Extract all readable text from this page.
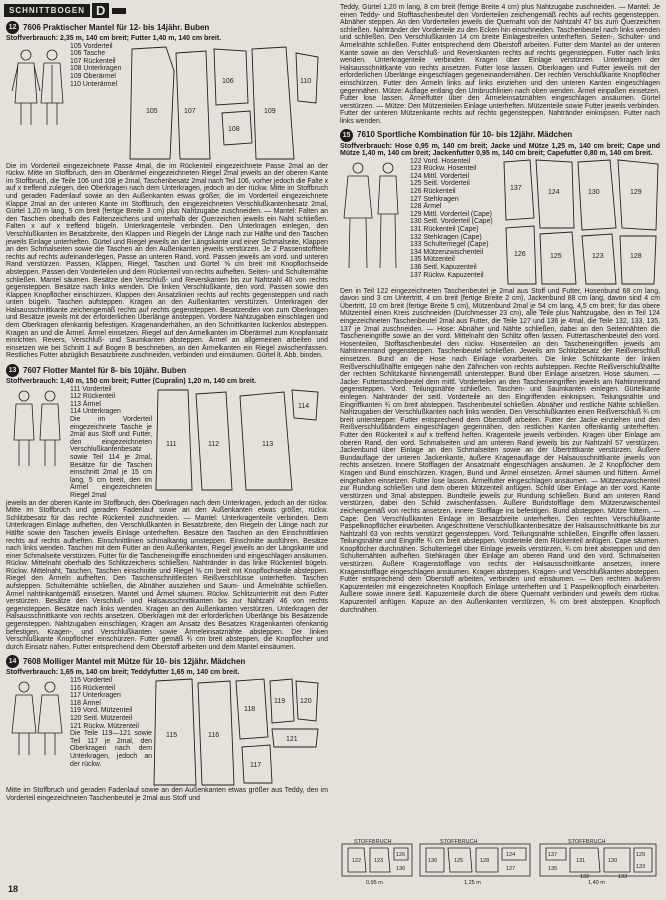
SCHNITTBOGEN D
12 7606 Praktischer Mantel für 12- bis 14jähr. Buben

Stoffverbrauch: 2,35 m, 140 cm breit; Futter 1,40 m, 140 cm breit.

105 Vorderteil
106 Tasche
107 Rückenteil
108 Unterkragen
109 Oberärmel
110 Unterärmel
105
106
107
108
109
110

Die im Vorderteil eingezeichnete Passe 4mal, die im Rückenteil eingezeichnete Passe 2mal an der rückw. Mitte im Stoffbruch, den im Oberärmel eingezeichneten Riegel 2mal jeweils an der oberen Kante im Stoffbruch, die Teile 106 und 108 je 2mal, Taschenbesatz 2mal nach Teil 106, vorher jedoch die Falte x auf x treffend zulegen, den Oberkragen nach dem Unterkragen, jedoch an der rückw. Mitte im Stoffbruch und geraden Fadenlauf sowie an den Außenkanten etwas größer, die im Vorderteil eingezeichnete Klappe 2mal an der unteren Kante im Stoffbruch, den eingezeichneten Verschlußkantenbesatz 2mal, Gürtel 1,20 m lang, 5 cm breit (fertige Breite 3 cm) plus Nahtzugabe zuschneiden. — Mantel: Falten an den Taschen oberhalb des Faltenzeichens und unterhalb der Querzeichen jeweils ein Naht schließen. Falten x auf x treffend bügeln. Unterkragenteile verbinden. Den Unterkragen einlegen, den Verschlußkanten im Besatzbreite, den Klappen und Riegeln der Länge nach zur Hälfte und den Taschen jeweils Einlage unterheften. Gürtel und Riegel jeweils an der Längskante und einer Schmalseite, Klappen an den Schmalseiten sowie die Taschen an den Außenkanten jeweils verstürzen. Je 2 Passenstoffteile rechts auf rechts aufeinanderlegen, Passe an unteren Rand, vord. Passen jeweils am vord. und unteren Rand verstürzen. Passen, Klappen, Riegel, Taschen und Gürtel ⅝ cm breit mit Knopflochseide absteppen. Passen den Vorderteilen und dem Rückenteil von rechts aufheften. Seiten- und Schulternähte schließen. Mantel säumen. Besätze den Verschluß- und Reverskanten bis zur Nahtzahl 40 von rechts gegensteppen. Besätze nach links wenden. Die linken Verschlußkante, den vord. Passen sowie den Klappen Knopflöcher einschürzen. Klappen den Ansatzlinien rechts auf rechts gegensteppen und nach unten bügeln. Taschen aufsteppen. Kragen an den Außenkanten verstürzen. Unterkragen der Halsausschnittkante zeichengemäß rechts auf rechts gegensteppen. Besatzenden von zum Oberkragen und Besätze jeweils mit der erforderlichen Überlänge ansteppen. Vordere Nahtzugaben einschlagen und dem Oberkragen ofenkantig befestigen. Kragenanderhähen, an den Schnittkanten lückenlos absteppen. Kragen an und die Ärmel. Ärmel einsetzen. Riegel auf den Armelkanten im Oberärmel zum Knopfansatz einrichten. Revers, Verschluß- und Saumkanten absteppen. Ärmel an allgemeinen arbeiten und einsetzen wie bei Schnitt 1 auf Bogen B beschrieben, an den Ärmelkanten ein Riegel zwischenfassen. Restliches Futter abzüglich Besatzbreite zuschneiden, verbinden und einsäumen. Gürtel lt. Abb. binden.

13 7607 Flotter Mantel für 8- bis 10jähr. Buben

Stoffverbrauch: 1,40 m, 150 cm breit; Futter (Cupralin) 1,20 m, 140 cm breit.

111 Vorderteil
112 Rückenteil
113 Ärmel
114 Unterkragen

Die im Vorderteil eingezeichnete Tasche je 2mal aus Stoff und Futter, den eingezeichneten Verschlußkantenbesatz sowie Teil 114 je 2mal, Besätze für die Taschen einschnitt 2mal je 15 cm lang, 5 cm breit, den im Ärmel eingezeichneten Riegel 2mal

111	112	113
114

jeweils an der oberen Kante im Stoffbruch, den Oberkragen nach dem Unterkragen, jedoch an der rückw. Mitte im Stoffbruch und geraden Fadenlauf sowie an den Außenkanten etwas größer, rückw. Schlitzbesatz für das rechte Rückenteil zuschneiden. — Mantel: Unterkragenteile verbinden. Dem Unterkragen Einlage aufheften, den Verschlußkanten in Besatzbreite, den Riegeln der Länge nach zur Hälfte sowie den Taschen jeweils Einlage unterheften. Besätze den Taschen an den Einschnittlinien rechts auf rechts aufheften. Einschnittlinien schmalkantig umsteppen. Einschnitte ausführen. Besätze nach links wenden. Taschen mit dem Futter an den Außenkanten, Riegel jeweils an der Längskante und einer Schmalseite verstürzen. Futter für die Tascheneingriffe einschneiden und eingeschlagen ansäumen. Rückw. Mittelnaht oberhalb des Schlitzzeichens schließen. Nahtränder in das linke Rückenteil bügeln. Rückw. Mittelnaht, Taschen, Taschen einschnitte und Riegel ⅝ cm breit mit Knopflochseide absteppen. Riegel den Ärmeln aufheften. Den Taschenschnittleisten Reißverschlüsse unterheften. Taschen aufsteppen. Schulternähte schließen, die Abnäher ausziehen und Saum- und Ärmelnähte schließen. Ärmel nahtinkantgemäß einsetzen. Mantel und Ärmel säumen. Rückw. Schlitzuntertritt mit dem Futter verstürzen. Besätze den Verschluß- und Halsausschnittkanten bis zur Nahtzahl 46 von rechts gegensteppen. Besätze nach links wenden. Kragen an den Außenkanten verstürzen. Unterkragen der Halsausschnittkante von rechts ansetzen. Oberkragen mit der erforderlichen Überlänge bis Besatzende gegensteppen. Nahtzugaben einschlagen, Kragen am Ansatz des Besatzes Kragenkanten ofenkantig befestigen. Kragen-, und Verschlußkanten sowie Ärmeleinsatznähte absteppen. Der linken Verschlußkante Knopflöcher einschürzen. Futter gemäß ¾ cm breit absteppen, die Knopflöcher und durch Einsatz nähen. Futter entsprechend dem Oberstoff arbeiten und dem Mantel einsäumen.

14 7608 Molliger Mantel mit Mütze für 10- bis 12jähr. Mädchen

Stoffverbrauch: 1,65 m, 140 cm breit; Teddyfutter 1,65 m, 140 cm breit.

115 Vorderteil
116 Rückenteil
117 Unterkragen
118 Ärmel
119 Vord. Mützenteil
120 Seitl. Mützenteil
121 Rückw. Mützenteil

Die Teile 119—121 sowie Teil 117 je 2mal, den Oberkragen nach dem Unterkragen, jedoch an der rückw.

115	116
118
119 120
121
117

Mitte im Stoffbruch und geraden Fadenlauf sowie an den Außenkanten etwas größer aus Teddy, den im Vorderteil eingezeichneten Taschenbeutel je 2mal aus Stoff und

Teddy, Gürtel 1,20 m lang, 8 cm breit (fertige Breite 4 cm) plus Nahtzugabe zuschneiden. — Mantel: Je einen Teddy- und Stofftaschenbeutel den Vorderteilen zeichengemäß rechts auf rechts gegensteppen. Abnäher steppen. An den Vorderteilen jeweils die Quernaht von der Nahtzahl 47 bis zum Querzeichen schließen. Nahtränder der Vorderteile zu den Ecken hin einschneiden. Taschenbeutel nach links wenden und schließen. Den Verschlußkanten 14 cm breite Einlagestreifen unterheften. Seiten-, Schulter- und Ärmelnähte schließen. Futter entsprechend dem Oberstoff arbeiten. Futter dem Mantel an der unteren Kante sowie an den Verschluß- und Reverskanten rechts auf rechts gegensteppen. Futter nach links wenden. Unterkragenteile verbinden. Kragen über Einlage verstürzen. Unterkragen der Halsausschnittkante von rechts ansetzen. Futter lose lassen. Oberkragen und Futter jeweils mit der erforderlichen Überlänge eingeschlagen gegeneinandernähen. Der rechten Verschlußkante Knopflöcher einschürzen. Futter den Ärmeln links auf links einziehen und den unteren Kanten eingeschlagen gegennähen. Mütze: Auflage entlang den Umbruchlinien nach oben wenden. Ärmel einpaßen einsetzen. Futter lose lassen. Ärmelfutter über den Ärmeleinsatznähten eingeschlagen ansäumen. Gürtel verstürzen. — Mütze: Den Mützenteilen Einlage unterheften. Mützenteile sowie Futter jeweils verbinden. Futter der unteren Mützenkante rechts auf rechts gegensteppen. Nahtränder einknipsen. Futter nach links wenden.

15 7610 Sportliche Kombination für 10- bis 12jähr. Mädchen

Stoffverbrauch: Hose 0,95 m, 140 cm breit; Jacke und Mütze 1,25 m, 140 cm breit; Cape und Mütze 1,40 m, 140 cm breit; Jackenfutter 0,95 m, 140 cm breit; Capefutter 0,80 m, 140 cm breit.

122 Vord. Hosenteil
123 Rückw. Hosenteil
124 Mittl. Vorderteil
125 Seitl. Vorderteil
126 Rückenteil
127 Stehkragen
128 Ärmel
129 Mittl. Vorderteil (Cape)
130 Seitl. Vorderteil (Cape)
131 Rückenteil (Cape)
132 Stehkragen (Cape)
133 Schulterriegel (Cape)
134 Mützenzwischenteil
135 Mützenteil
136 Seitl. Kapuzenteil
137 Rückw. Kapuzenteil
137
124	130	129
126	125	123	128

Den in Teil 122 eingezeichneten Taschenbeutel je 2mal aus Stoff und Futter, Hosenbund 68 cm lang, davon sind 3 cm Untertritt, 4 cm breit (fertige Breite 2 cm), Jackenbund 88 cm lang, davon sind 4 cm Übertritt, 10 cm breit (fertige Breite 5 cm), Mützenbund 2mal je 54 cm lang, 4,5 cm breit; für das obere Mützenteil einen Kreis zuschneiden (Durchmesser 23 cm), alle Teile plus Nahtzugabe, den in Teil 124 eingezeichneten Taschenbeutel 2mal aus Futter, die Teile 127 und 136 je 4mal, die Teile 132, 133, 135, 137 je 2mal zuschneiden. — Hose: Abnäher und Nähte schließen, dabei an den Seitennähten die Tascheneingriffe sowie an der vord. Mittelnaht den Schlitz offen lassen. Futtertaschenbeutel den vord. Hosenteilen, Stofftaschenbeutel den rückw. Hosenteilen an den Tascheneingriffen jeweils am Nahtinnenrand gegensteppen. Taschenbeutel schließen. Jeweils am Schlitzbesatz der Reißverschluß einsetzen. Bund an die Hose nach Einlage vorarbeiten. Die linke Schlitzkante der linken Reißverschlußhälfte entgegen nahe den Zähnchen von rechts aufsteppen. Rechte Reißverschlußhälfte der rechten Schlitzkante hinnengemäß unterstepper. Bund über Einlage ansetzen. Hose säumen. — Jacke: Futtertaschenbeutel dem mittl. Vorderteilen an den Tascheneingriffen jeweils am Nahtinnenrand gegensteppen. Vord. Teilungsnähte schließen. Taschen- und Saumkanten einlegen. Gürtelkante einlegen. Nahtränder der seitl. Vorderteile an den Eingriffenden einknipsen. Teilungsnähte und Eingriffkanten ¾ cm breit absteppen. Taschenbeutel schließen. Abnäher und restliche Nähte schließen. Nahtzugaben der Verschlußkanten nach links wenden. Den Verschlußkanten einen Reißverschluß ¾ cm breit unterstepper. Futter entsprechend dem Oberstoff arbeiten. Futter der Jacke einziehen und den Reißverschlußbändern eingeschlagen gegennähen, den restlichen Kanten offenkantig unterheften. Futter den Rückenteil x auf x treffend heften. Kragenteile jeweils verbinden. Kragen über Einlage am oberen Rand, den vord. Schmalseiten und am unteren Rand jeweils bis zur Nahtzahl 57 verstürzen. Jackenbund über Einlage an den Schmalseiten sowie an der Übertrittkante verstürzen. Äußere Bundauflage der unteren Jackenkante, äußere Kragenauflage der Halsausschnittkante jeweils von rechts ansetzen. Innere Stofflagen der Ansatznaht eingeschlagen ansäumen. Je 2 Knopflöcher dem Kragen und Bund einschürzen. Kragen, Bund und Ärmel einsetzen. Ärmel säumen und füttern. Ärmel eingehalten einsetzen. Futter lose lassen. Ärmelfutter eingeschlagen ansäumen. — Mützenzwischenteil zur Rundung schließen und dem oberen Mützenteil anfügen. Schild über Einlage an der vord. Kante verstürzen und 3mal absteppen. Bundteile jeweils zur Rundung schließen. Bund am unteren Rand verstürzen, dabei den Schild zwischenfassen. Äußere Bundstofflage dem Mützenzwischenteil zeichengemäß von rechts ansetzen, innere Stofflage ins befestigen. Bund absteppen. Mütze füttern. — Cape: Den Verschlußkanten Einlage im Besatzbreite unterheften. Den rechten Verschlußkante Paspelknopflöcher einarbeiten. Angeschnittene Verschlußkantenbesätze der Halsausschnittkante bis zur Nahtzahl 63 von rechts verstürzt gegensteppen. Vord. Teilungsnähte schließen, Eingriffe offen lassen. Teilungsnähte und Eingriffe ¾ cm breit absteppen. Vorderteile dem Rückenteil anfügen. Cape säumen. Knopflöcher durchnähen. Schulterriegel über Einlage jeweils verstürzen, ¾ cm breit absteppen und den Schulternähten aufheften. Stehkragen über Einlage am oberen Rand und den vord. Schmalseiten verstürzen. Äußere Kragenstofflage von rechts der Halsausschnittkante ansetzen, innere Kragenstofflage eingeschlagen ansäumen. Kragen absteppen. Kragen- und Verschlußkanten absteppen. Futter entsprechend dem Oberstoff arbeiten, verbinden und einsäumen. — Den rechten äußeren Kapuzenteilen mit eingezeichneten Knopfloch Einlage unterheften und 1 Paspelknopfloch einarbeiten. Äußere sowie innere seitl. Kapuzenteile durch die obere Quernaht verbinden und jeweils dem rückw. Kapuzenteil anfügen. Kapuze an den Außenkanten verstürzen, ¾ cm breit absteppen. Knopfloch durchnähen.

STOFFBRUCH	STOFFBRUCH	STOFFBRUCH
0,95 m	1,25 m	1,40 m
122 123
126
136
136	125	128
124
127
137
135
131	130
129
133
133
132
18
